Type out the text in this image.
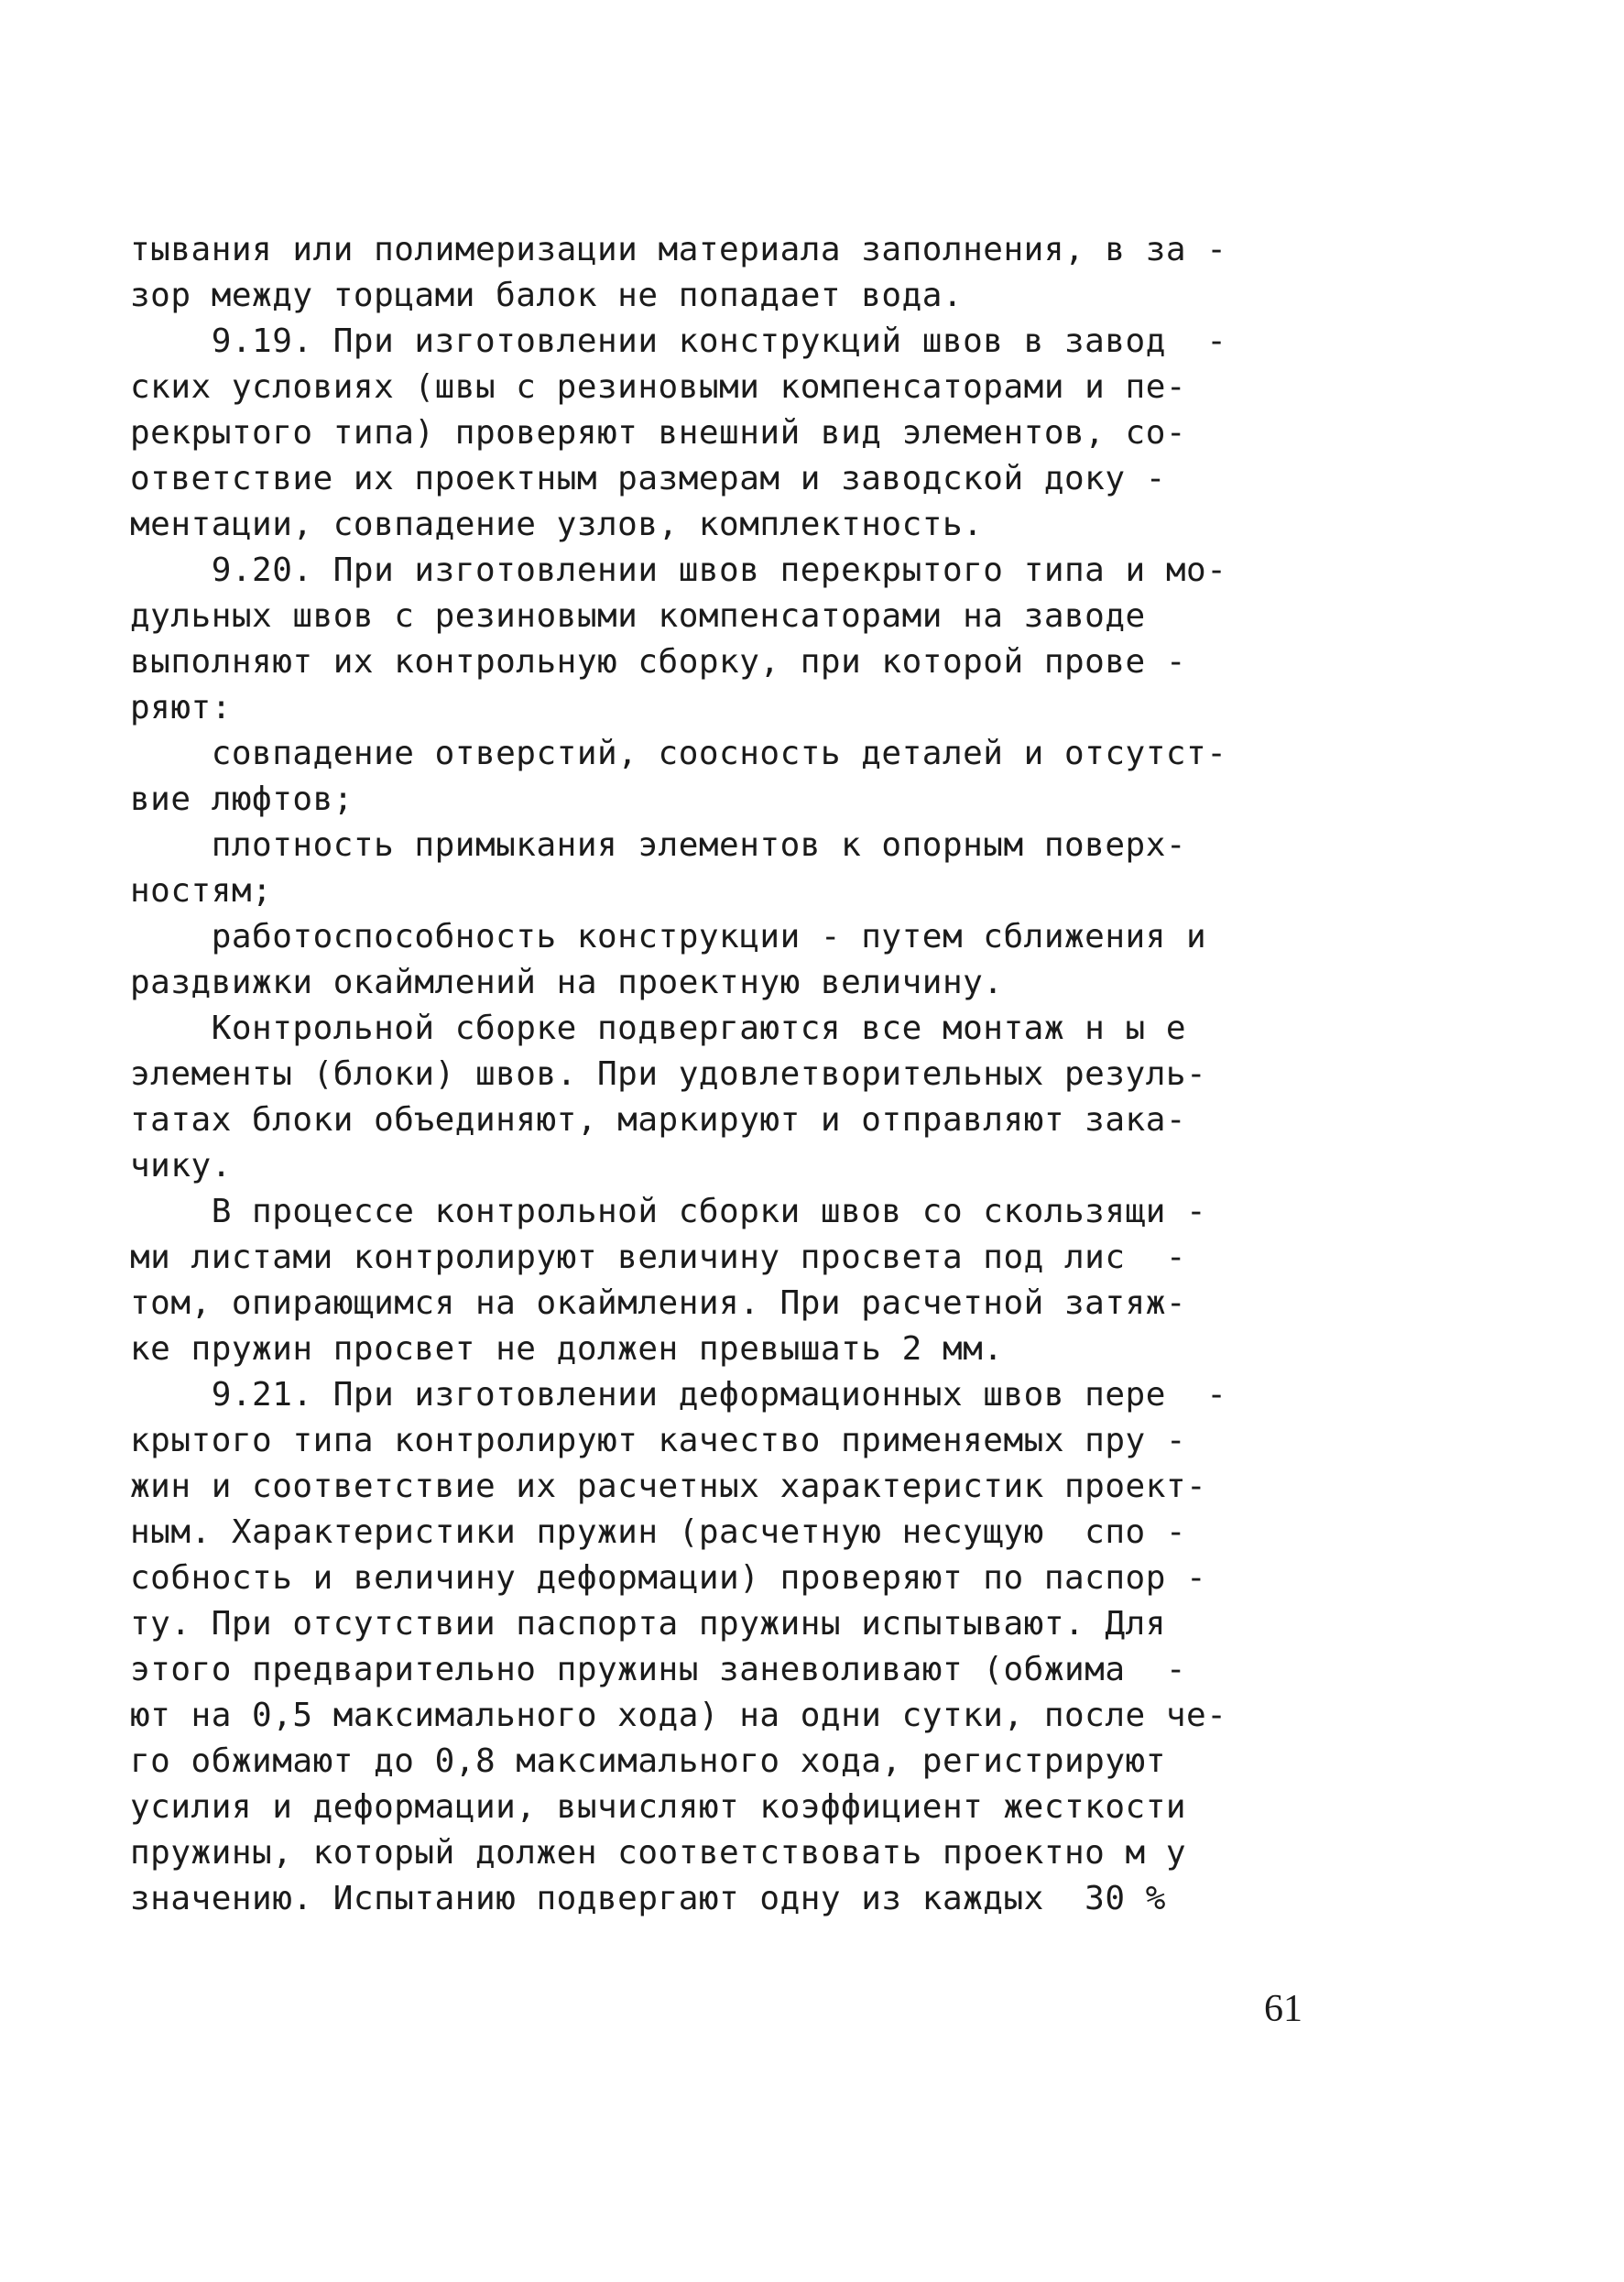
тывания или полимеризации материала заполнения, в за -
зор между торцами балок не попадает вода.
9.19. При изготовлении конструкций швов в завод  -
ских условиях (швы с резиновыми компенсаторами и пе-
рекрытого типа) проверяют внешний вид элементов, со-
ответствие их проектным размерам и заводской доку -
ментации, совпадение узлов, комплектность.
9.20. При изготовлении швов перекрытого типа и мо-
дульных швов с резиновыми компенсаторами на заводе
выполняют их контрольную сборку, при которой прове -
ряют:
совпадение отверстий, соосность деталей и отсутст-
вие люфтов;
плотность примыкания элементов к опорным поверх-
ностям;
работоспособность конструкции - путем сближения и
раздвижки окаймлений на проектную величину.
Контрольной сборке подвергаются все монтаж н ы е
элементы (блоки) швов. При удовлетворительных резуль-
татах блоки объединяют, маркируют и отправляют зака-
чику.
В процессе контрольной сборки швов со скользящи -
ми листами контролируют величину просвета под лис  -
том, опирающимся на окаймления. При расчетной затяж-
ке пружин просвет не должен превышать 2 мм.
9.21. При изготовлении деформационных швов пере  -
крытого типа контролируют качество применяемых пру -
жин и соответствие их расчетных характеристик проект-
ным. Характеристики пружин (расчетную несущую  спо -
собность и величину деформации) проверяют по паспор -
ту. При отсутствии паспорта пружины испытывают. Для
этого предварительно пружины заневоливают (обжима  -
ют на 0,5 максимального хода) на одни сутки, после че-
го обжимают до 0,8 максимального хода, регистрируют
усилия и деформации, вычисляют коэффициент жесткости
пружины, который должен соответствовать проектно м у
значению. Испытанию подвергают одну из каждых  30 %
61
